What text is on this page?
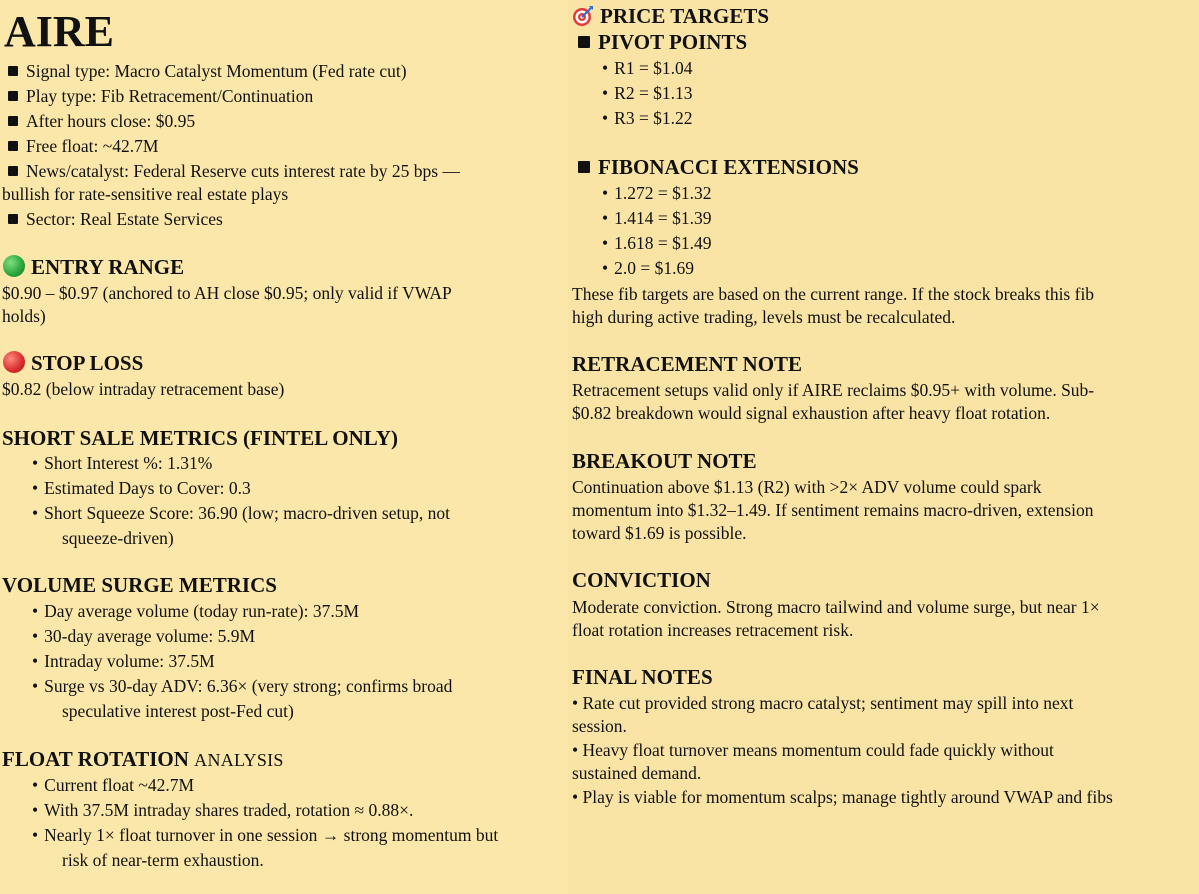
AIRE
Signal type: Macro Catalyst Momentum (Fed rate cut)
Play type: Fib Retracement/Continuation
After hours close: $0.95
Free float: ~42.7M
News/catalyst: Federal Reserve cuts interest rate by 25 bps —
bullish for rate-sensitive real estate plays
Sector: Real Estate Services
ENTRY RANGE
$0.90 – $0.97 (anchored to AH close $0.95; only valid if VWAP
holds)
STOP LOSS
$0.82 (below intraday retracement base)
SHORT SALE METRICS (FINTEL ONLY)
• Short Interest %: 1.31%
• Estimated Days to Cover: 0.3
• Short Squeeze Score: 36.90 (low; macro-driven setup, not
squeeze-driven)
VOLUME SURGE METRICS
• Day average volume (today run-rate): 37.5M
• 30-day average volume: 5.9M
• Intraday volume: 37.5M
• Surge vs 30-day ADV: 6.36× (very strong; confirms broad
speculative interest post-Fed cut)
FLOAT ROTATION ANALYSIS
• Current float ~42.7M
• With 37.5M intraday shares traded, rotation ≈ 0.88×.
• Nearly 1× float turnover in one session → strong momentum but
risk of near-term exhaustion.
PRICE TARGETS
PIVOT POINTS
• R1 = $1.04
• R2 = $1.13
• R3 = $1.22
FIBONACCI EXTENSIONS
• 1.272 = $1.32
• 1.414 = $1.39
• 1.618 = $1.49
• 2.0 = $1.69
These fib targets are based on the current range. If the stock breaks this fib
high during active trading, levels must be recalculated.
RETRACEMENT NOTE
Retracement setups valid only if AIRE reclaims $0.95+ with volume. Sub-
$0.82 breakdown would signal exhaustion after heavy float rotation.
BREAKOUT NOTE
Continuation above $1.13 (R2) with >2× ADV volume could spark
momentum into $1.32–1.49. If sentiment remains macro-driven, extension
toward $1.69 is possible.
CONVICTION
Moderate conviction. Strong macro tailwind and volume surge, but near 1×
float rotation increases retracement risk.
FINAL NOTES
• Rate cut provided strong macro catalyst; sentiment may spill into next
session.
• Heavy float turnover means momentum could fade quickly without
sustained demand.
• Play is viable for momentum scalps; manage tightly around VWAP and fibs
